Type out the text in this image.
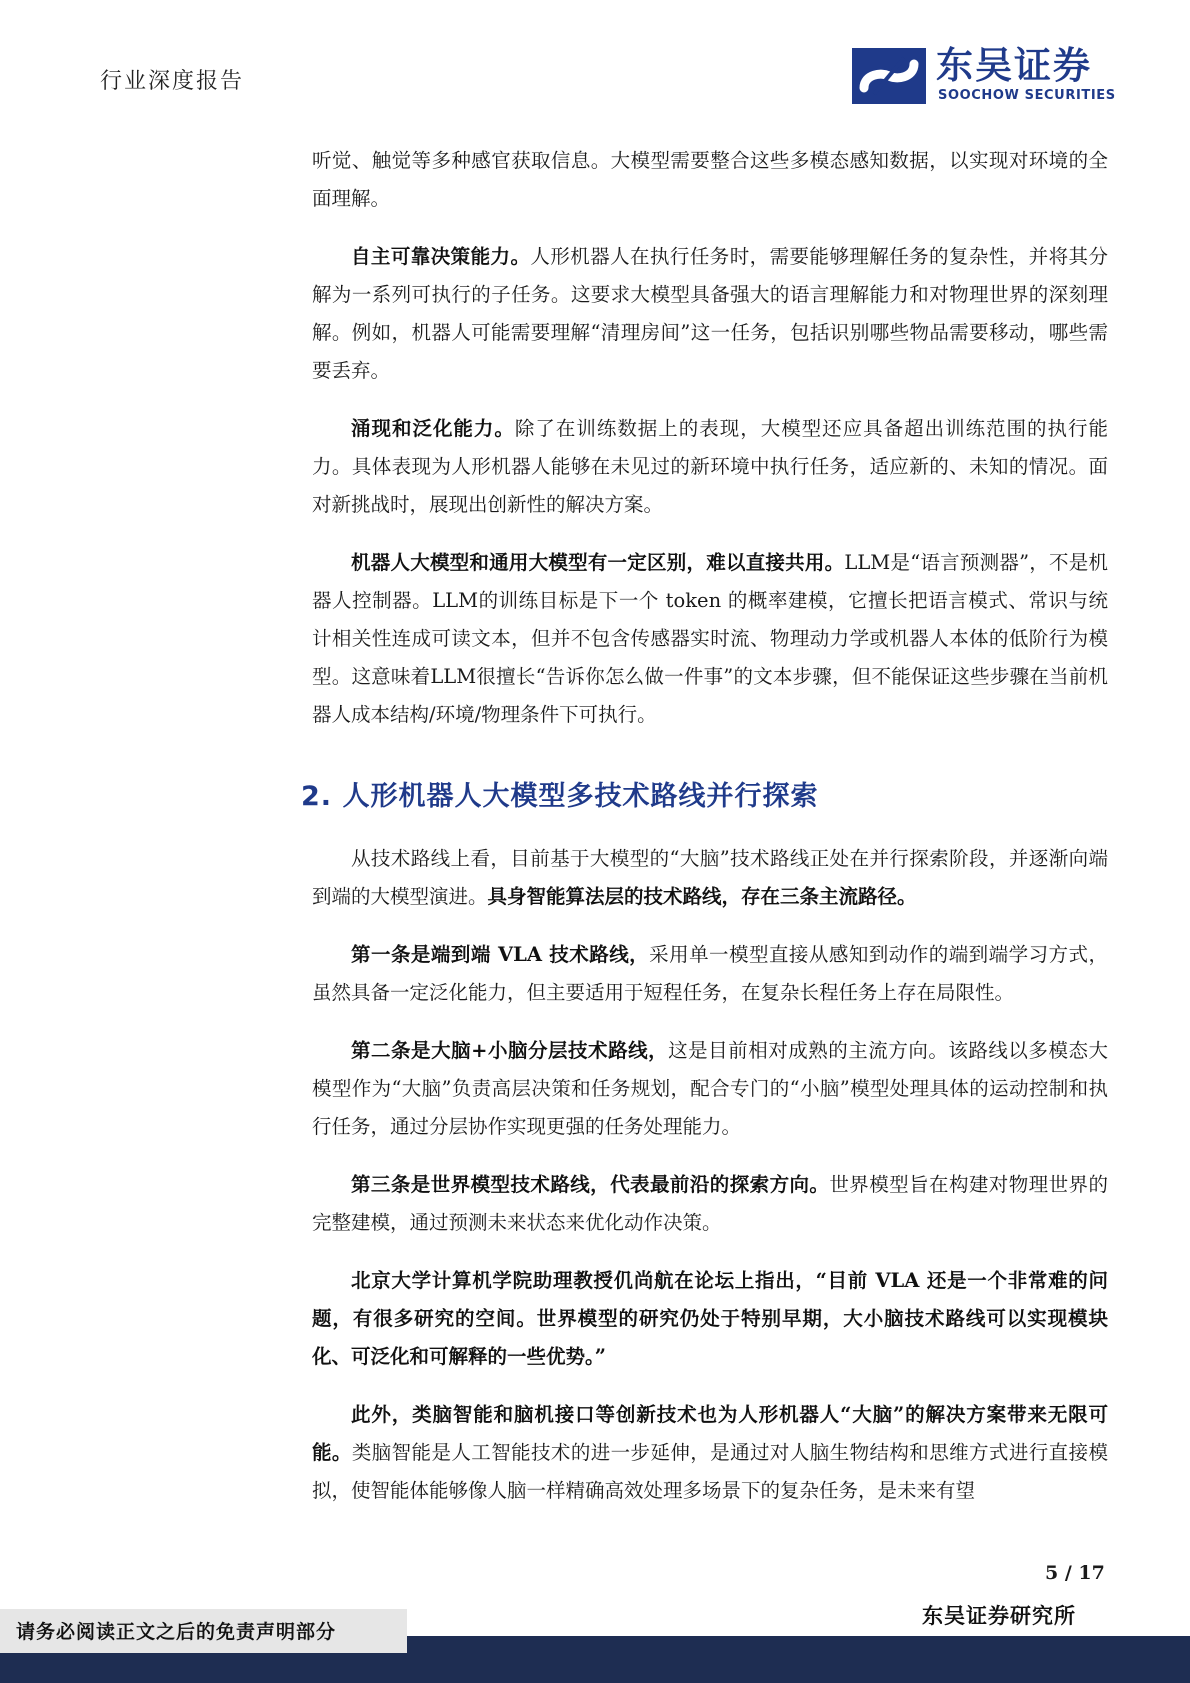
行业深度报告	东吴证券
SOOCHOW SECURITIES

听觉、触觉等多种感官获取信息。大模型需要整合这些多模态感知数据，以实现对环境的全面理解。

自主可靠决策能力。人形机器人在执行任务时，需要能够理解任务的复杂性，并将其分解为一系列可执行的子任务。这要求大模型具备强大的语言理解能力和对物理世界的深刻理解。例如，机器人可能需要理解“清理房间”这一任务，包括识别哪些物品需要移动，哪些需要丢弃。

涌现和泛化能力。除了在训练数据上的表现，大模型还应具备超出训练范围的执行能力。具体表现为人形机器人能够在未见过的新环境中执行任务，适应新的、未知的情况。面对新挑战时，展现出创新性的解决方案。

机器人大模型和通用大模型有一定区别，难以直接共用。LLM是“语言预测器”，不是机器人控制器。LLM的训练目标是下一个 token 的概率建模，它擅长把语言模式、常识与统计相关性连成可读文本，但并不包含传感器实时流、物理动力学或机器人本体的低阶行为模型。这意味着LLM很擅长“告诉你怎么做一件事”的文本步骤，但不能保证这些步骤在当前机器人成本结构/环境/物理条件下可执行。

2. 人形机器人大模型多技术路线并行探索

从技术路线上看，目前基于大模型的“大脑”技术路线正处在并行探索阶段，并逐渐向端到端的大模型演进。具身智能算法层的技术路线，存在三条主流路径。

第一条是端到端 VLA 技术路线，采用单一模型直接从感知到动作的端到端学习方式，虽然具备一定泛化能力，但主要适用于短程任务，在复杂长程任务上存在局限性。

第二条是大脑+小脑分层技术路线，这是目前相对成熟的主流方向。该路线以多模态大模型作为“大脑”负责高层决策和任务规划，配合专门的“小脑”模型处理具体的运动控制和执行任务，通过分层协作实现更强的任务处理能力。

第三条是世界模型技术路线，代表最前沿的探索方向。世界模型旨在构建对物理世界的完整建模，通过预测未来状态来优化动作决策。

北京大学计算机学院助理教授仉尚航在论坛上指出，“目前 VLA 还是一个非常难的问题，有很多研究的空间。世界模型的研究仍处于特别早期，大小脑技术路线可以实现模块化、可泛化和可解释的一些优势。”

此外，类脑智能和脑机接口等创新技术也为人形机器人“大脑”的解决方案带来无限可能。类脑智能是人工智能技术的进一步延伸，是通过对人脑生物结构和思维方式进行直接模拟，使智能体能够像人脑一样精确高效处理多场景下的复杂任务，是未来有望

5 / 17
东吴证券研究所
请务必阅读正文之后的免责声明部分
